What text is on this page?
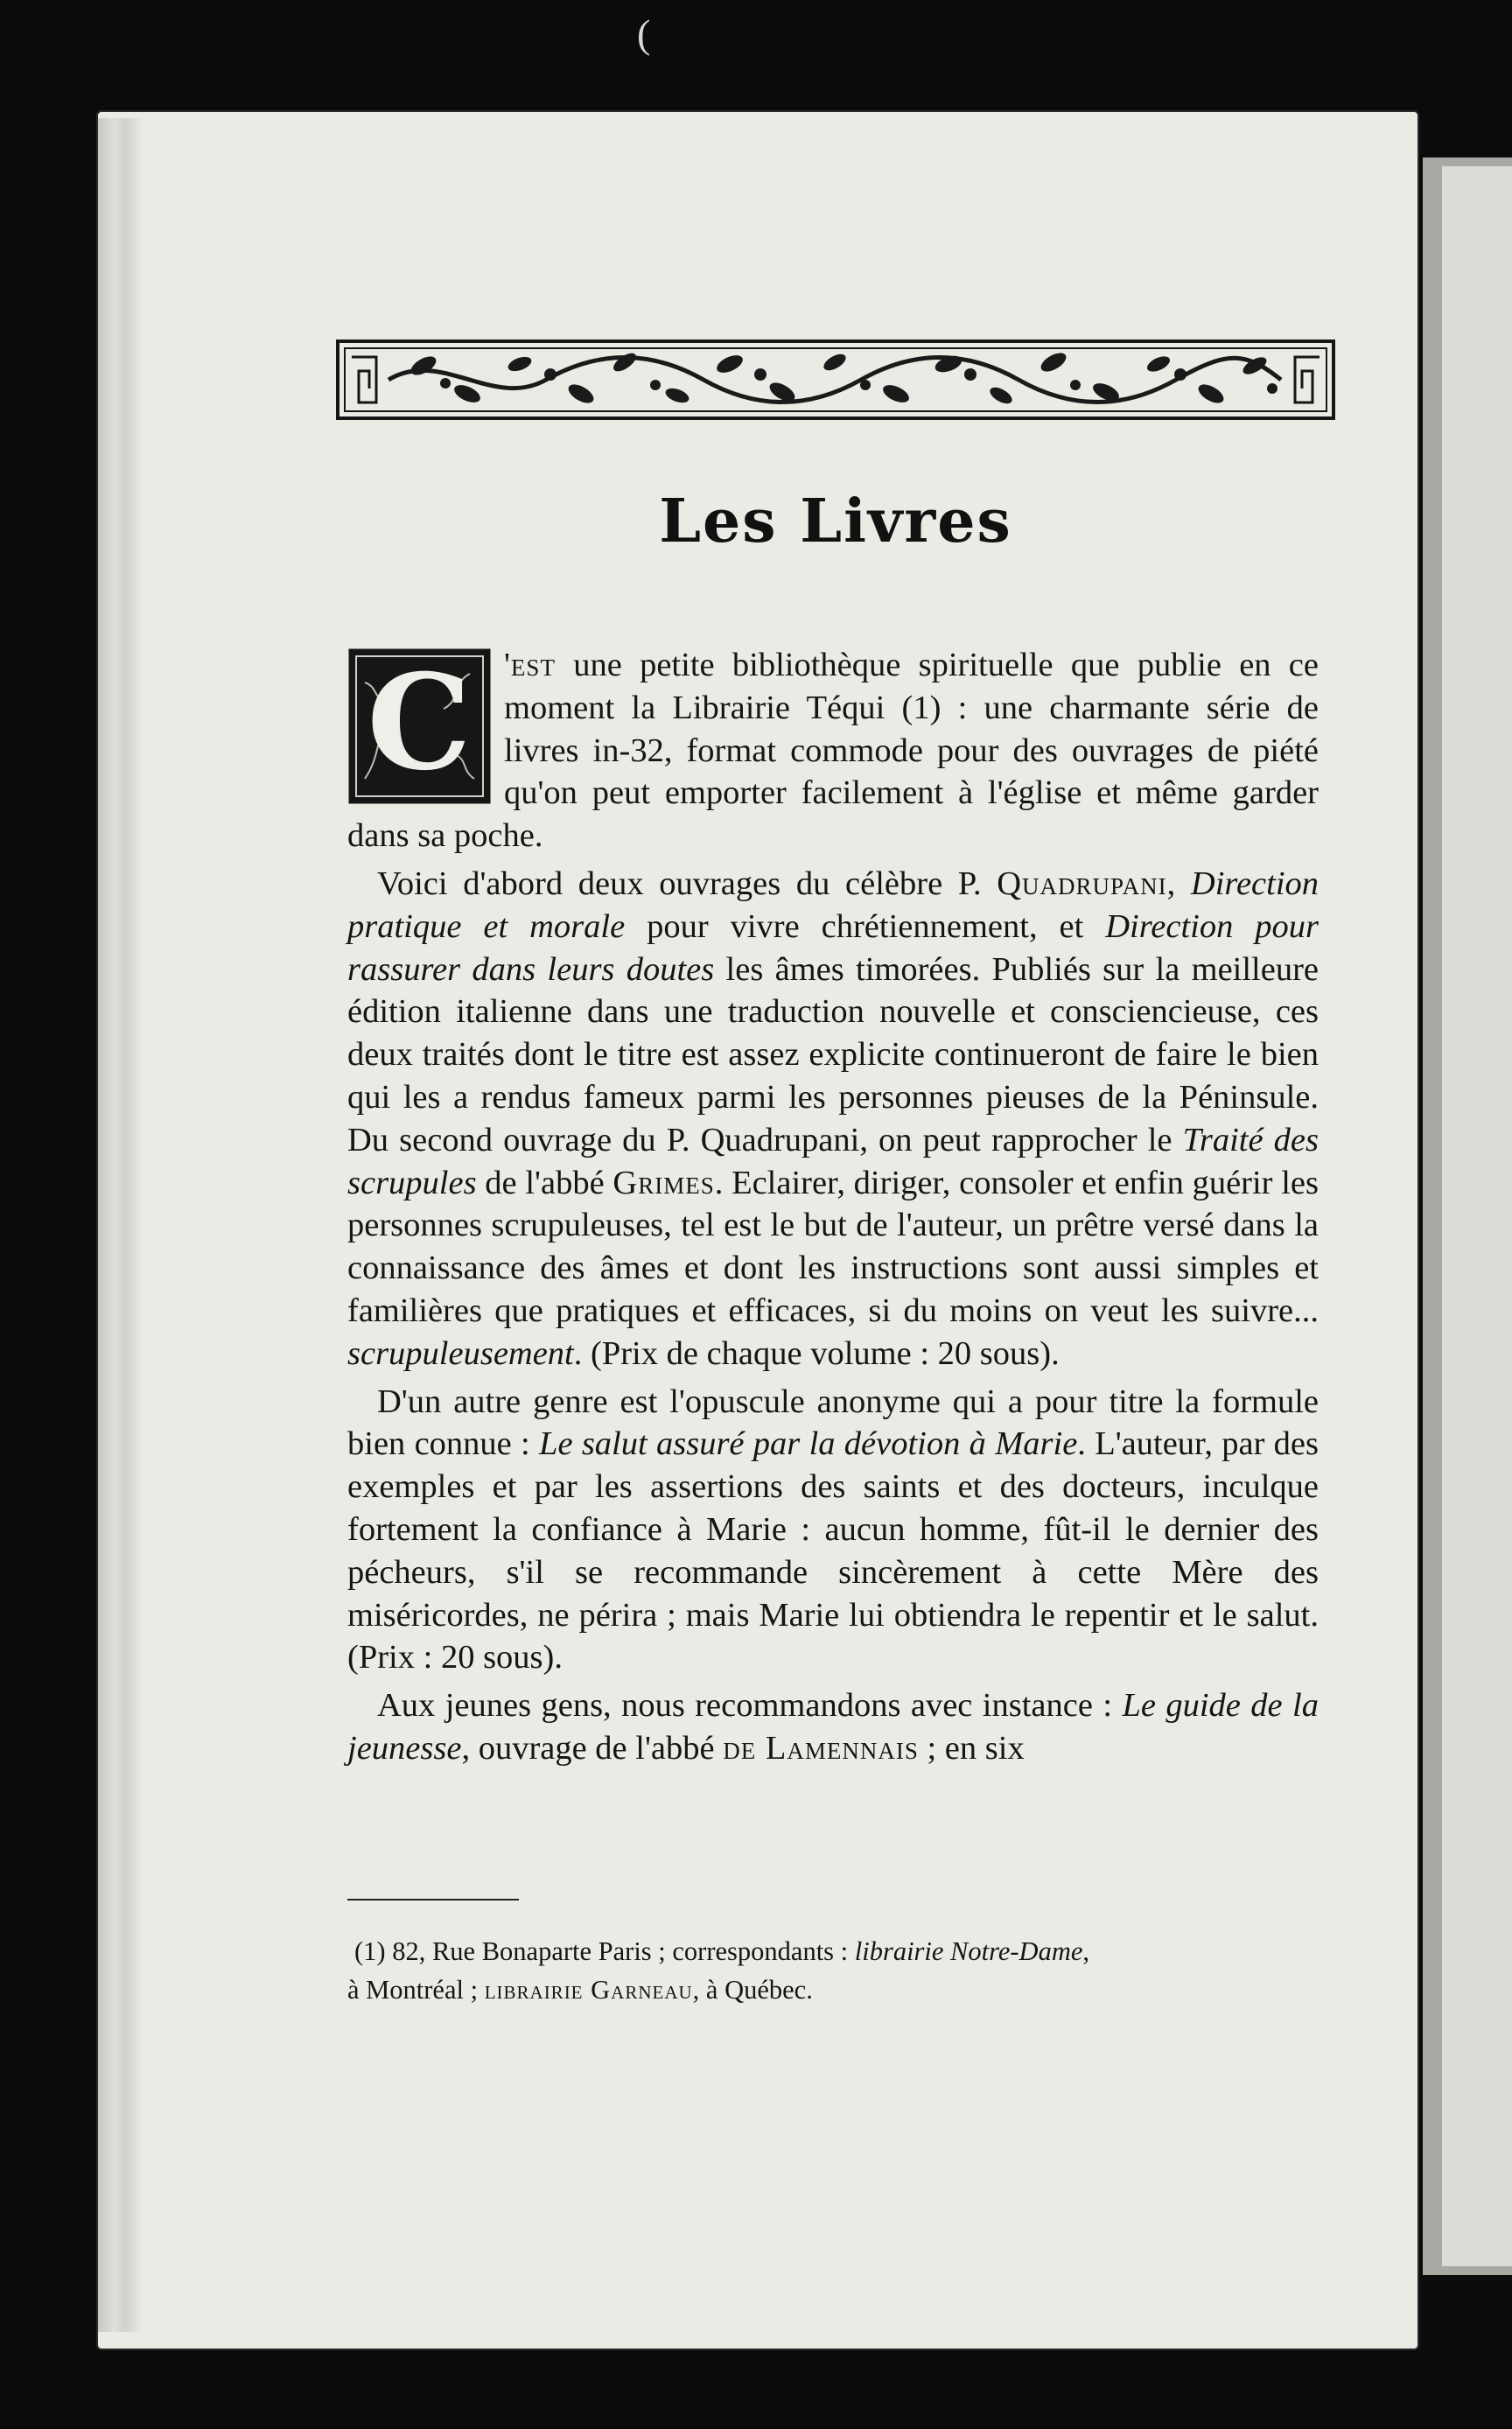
(
Les Livres
C 'est une petite bibliothèque spirituelle que publie en ce moment la Librairie Téqui (1) : une charmante série de livres in-32, format commode pour des ouvrages de piété qu'on peut emporter facilement à l'église et même garder dans sa poche.

Voici d'abord deux ouvrages du célèbre P. Quadrupani, Direction pratique et morale pour vivre chrétiennement, et Direction pour rassurer dans leurs doutes les âmes timorées. Publiés sur la meilleure édition italienne dans une traduction nouvelle et consciencieuse, ces deux traités dont le titre est assez explicite continueront de faire le bien qui les a rendus fameux parmi les personnes pieuses de la Péninsule. Du second ouvrage du P. Quadrupani, on peut rapprocher le Traité des scrupules de l'abbé Grimes. Eclairer, diriger, consoler et enfin guérir les personnes scrupuleuses, tel est le but de l'auteur, un prêtre versé dans la connaissance des âmes et dont les instructions sont aussi simples et familières que pratiques et efficaces, si du moins on veut les suivre... scrupuleusement. (Prix de chaque volume : 20 sous).

D'un autre genre est l'opuscule anonyme qui a pour titre la formule bien connue : Le salut assuré par la dévotion à Marie. L'auteur, par des exemples et par les assertions des saints et des docteurs, inculque fortement la confiance à Marie : aucun homme, fût-il le dernier des pécheurs, s'il se recommande sincèrement à cette Mère des miséricordes, ne périra ; mais Marie lui obtiendra le repentir et le salut. (Prix : 20 sous).

Aux jeunes gens, nous recommandons avec instance : Le guide de la jeunesse, ouvrage de l'abbé de Lamennais ; en six

(1) 82, Rue Bonaparte Paris ; correspondants : librairie Notre-Dame,

à Montréal ; librairie Garneau, à Québec.
